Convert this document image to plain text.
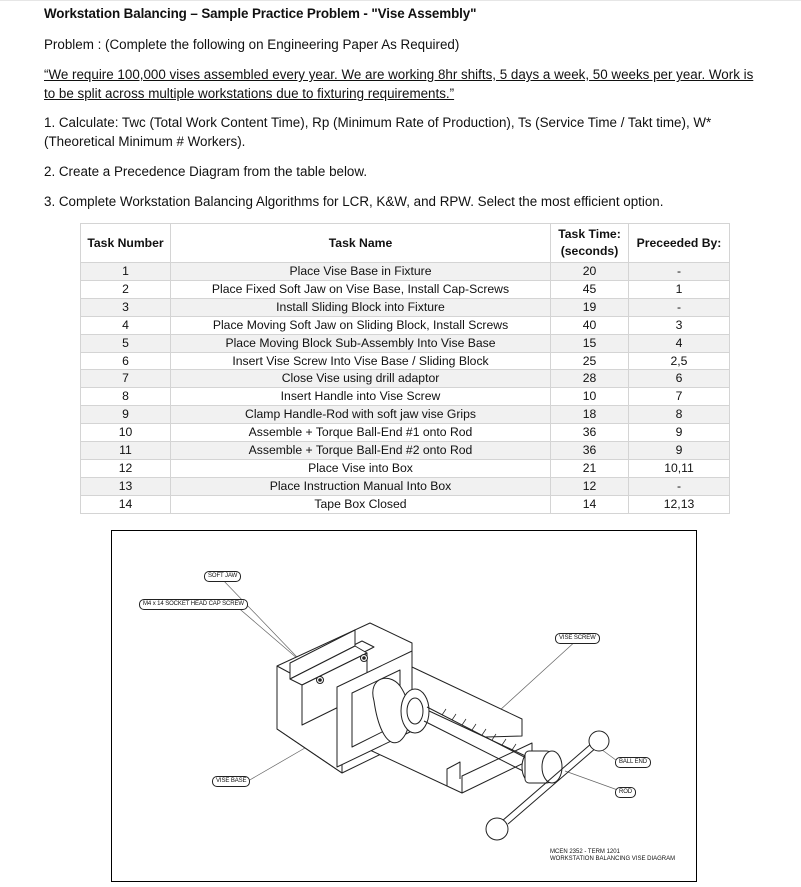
Workstation Balancing – Sample Practice Problem - "Vise Assembly"
Problem : (Complete the following on Engineering Paper As Required)
“We require 100,000 vises assembled every year. We are working 8hr shifts, 5 days a week, 50 weeks per year. Work is
to be split across multiple workstations due to fixturing requirements.”
1. Calculate: Twc (Total Work Content Time), Rp (Minimum Rate of Production), Ts (Service Time / Takt time), W* (Theoretical Minimum # Workers).
2. Create a Precedence Diagram from the table below.
3. Complete Workstation Balancing Algorithms for LCR, K&W, and RPW. Select the most efficient option.
Task Number	Task Name	Task Time:
(seconds)	Preceeded By:
1	Place Vise Base in Fixture	20	-
2	Place Fixed Soft Jaw on Vise Base, Install Cap-Screws	45	1
3	Install Sliding Block into Fixture	19	-
4	Place Moving Soft Jaw on Sliding Block, Install Screws	40	3
5	Place Moving Block Sub-Assembly Into Vise Base	15	4
6	Insert Vise Screw Into Vise Base / Sliding Block	25	2,5
7	Close Vise using drill adaptor	28	6
8	Insert Handle into Vise Screw	10	7
9	Clamp Handle-Rod with soft jaw vise Grips	18	8
10	Assemble + Torque Ball-End #1 onto Rod	36	9
11	Assemble + Torque Ball-End #2 onto Rod	36	9
12	Place Vise into Box	21	10,11
13	Place Instruction Manual Into Box	12	-
14	Tape Box Closed	14	12,13
SOFT JAW
M4 x 14 SOCKET HEAD CAP SCREW
VISE SCREW
BALL END
ROD
VISE BASE
MCEN 2352 - TERM 1201
WORKSTATION BALANCING VISE DIAGRAM
